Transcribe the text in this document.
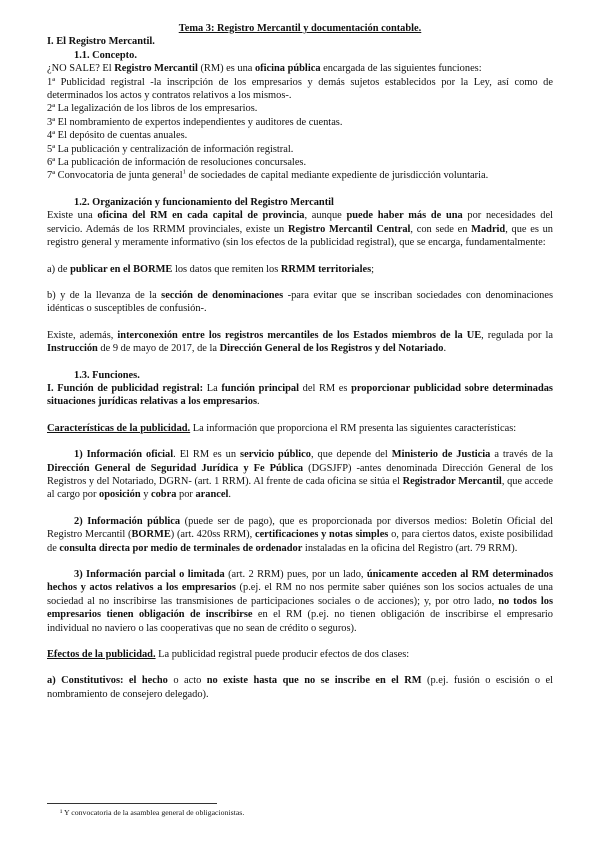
Tema 3: Registro Mercantil y documentación contable.

I. El Registro Mercantil.

1.1. Concepto.

¿NO SALE? El Registro Mercantil (RM) es una oficina pública encargada de las siguientes funciones:

1ª Publicidad registral -la inscripción de los empresarios y demás sujetos establecidos por la Ley, así como de determinados los actos y contratos relativos a los mismos-.

2ª La legalización de los libros de los empresarios.

3ª El nombramiento de expertos independientes y auditores de cuentas.

4ª El depósito de cuentas anuales.

5ª La publicación y centralización de información registral.

6ª La publicación de información de resoluciones concursales.

7ª Convocatoria de junta general$^1$ de sociedades de capital mediante expediente de jurisdicción voluntaria.

1.2. Organización y funcionamiento del Registro Mercantil

Existe una oficina del RM en cada capital de provincia, aunque puede haber más de una por necesidades del servicio. Además de los RRMM provinciales, existe un Registro Mercantil Central, con sede en Madrid, que es un registro general y meramente informativo (sin los efectos de la publicidad registral), que se encarga, fundamentalmente:

a) de publicar en el BORME los datos que remiten los RRMM territoriales;

b) y de la llevanza de la sección de denominaciones -para evitar que se inscriban sociedades con denominaciones idénticas o susceptibles de confusión-.

Existe, además, interconexión entre los registros mercantiles de los Estados miembros de la UE, regulada por la Instrucción de 9 de mayo de 2017, de la Dirección General de los Registros y del Notariado.

1.3. Funciones.

I. Función de publicidad registral: La función principal del RM es proporcionar publicidad sobre determinadas situaciones jurídicas relativas a los empresarios.

Características de la publicidad. La información que proporciona el RM presenta las siguientes características:

1) Información oficial. El RM es un servicio público, que depende del Ministerio de Justicia a través de la Dirección General de Seguridad Jurídica y Fe Pública (DGSJFP) -antes denominada Dirección General de los Registros y del Notariado, DGRN- (art. 1 RRM). Al frente de cada oficina se sitúa el Registrador Mercantil, que accede al cargo por oposición y cobra por arancel.

2) Información pública (puede ser de pago), que es proporcionada por diversos medios: Boletín Oficial del Registro Mercantil (BORME) (art. 420ss RRM), certificaciones y notas simples o, para ciertos datos, existe posibilidad de consulta directa por medio de terminales de ordenador instaladas en la oficina del Registro (art. 79 RRM).

3) Información parcial o limitada (art. 2 RRM) pues, por un lado, únicamente acceden al RM determinados hechos y actos relativos a los empresarios (p.ej. el RM no nos permite saber quiénes son los socios actuales de una sociedad al no inscribirse las transmisiones de participaciones sociales o de acciones); y, por otro lado, no todos los empresarios tienen obligación de inscribirse en el RM (p.ej. no tienen obligación de inscribirse el empresario individual no naviero o las cooperativas que no sean de crédito o seguros).

Efectos de la publicidad. La publicidad registral puede producir efectos de dos clases:

a) Constitutivos: el hecho o acto no existe hasta que no se inscribe en el RM (p.ej. fusión o escisión o el nombramiento de consejero delegado).

¹ Y convocatoria de la asamblea general de obligacionistas.
